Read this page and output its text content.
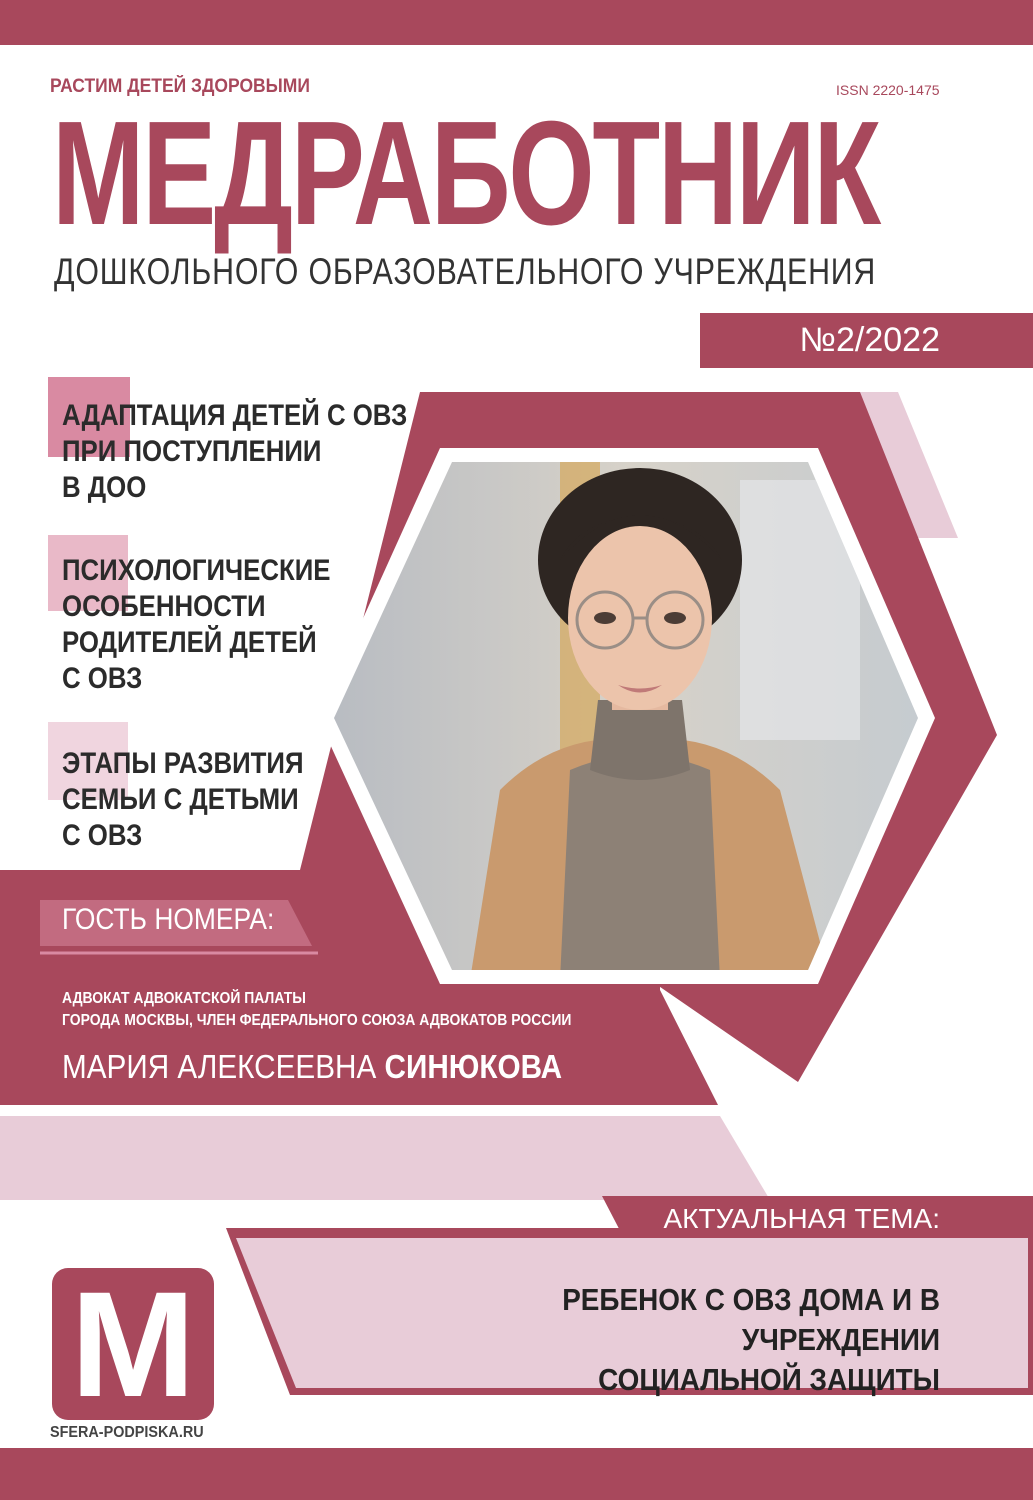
РАСТИМ ДЕТЕЙ ЗДОРОВЫМИ	ISSN 2220-1475
МЕДРАБОТНИК
ДОШКОЛЬНОГО ОБРАЗОВАТЕЛЬНОГО УЧРЕЖДЕНИЯ
№2/2022
АДАПТАЦИЯ ДЕТЕЙ С ОВЗ
ПРИ ПОСТУПЛЕНИИ
В ДОО
ПСИХОЛОГИЧЕСКИЕ
ОСОБЕННОСТИ
РОДИТЕЛЕЙ ДЕТЕЙ
С ОВЗ
ЭТАПЫ РАЗВИТИЯ
СЕМЬИ С ДЕТЬМИ
С ОВЗ
ГОСТЬ НОМЕРА:
АДВОКАТ АДВОКАТСКОЙ ПАЛАТЫ
ГОРОДА МОСКВЫ, ЧЛЕН ФЕДЕРАЛЬНОГО СОЮЗА АДВОКАТОВ РОССИИ
МАРИЯ АЛЕКСЕЕВНА СИНЮКОВА
АКТУАЛЬНАЯ ТЕМА:
РЕБЕНОК С ОВЗ ДОМА И В УЧРЕЖДЕНИИ
СОЦИАЛЬНОЙ ЗАЩИТЫ
M
SFERA-PODPISKA.RU
